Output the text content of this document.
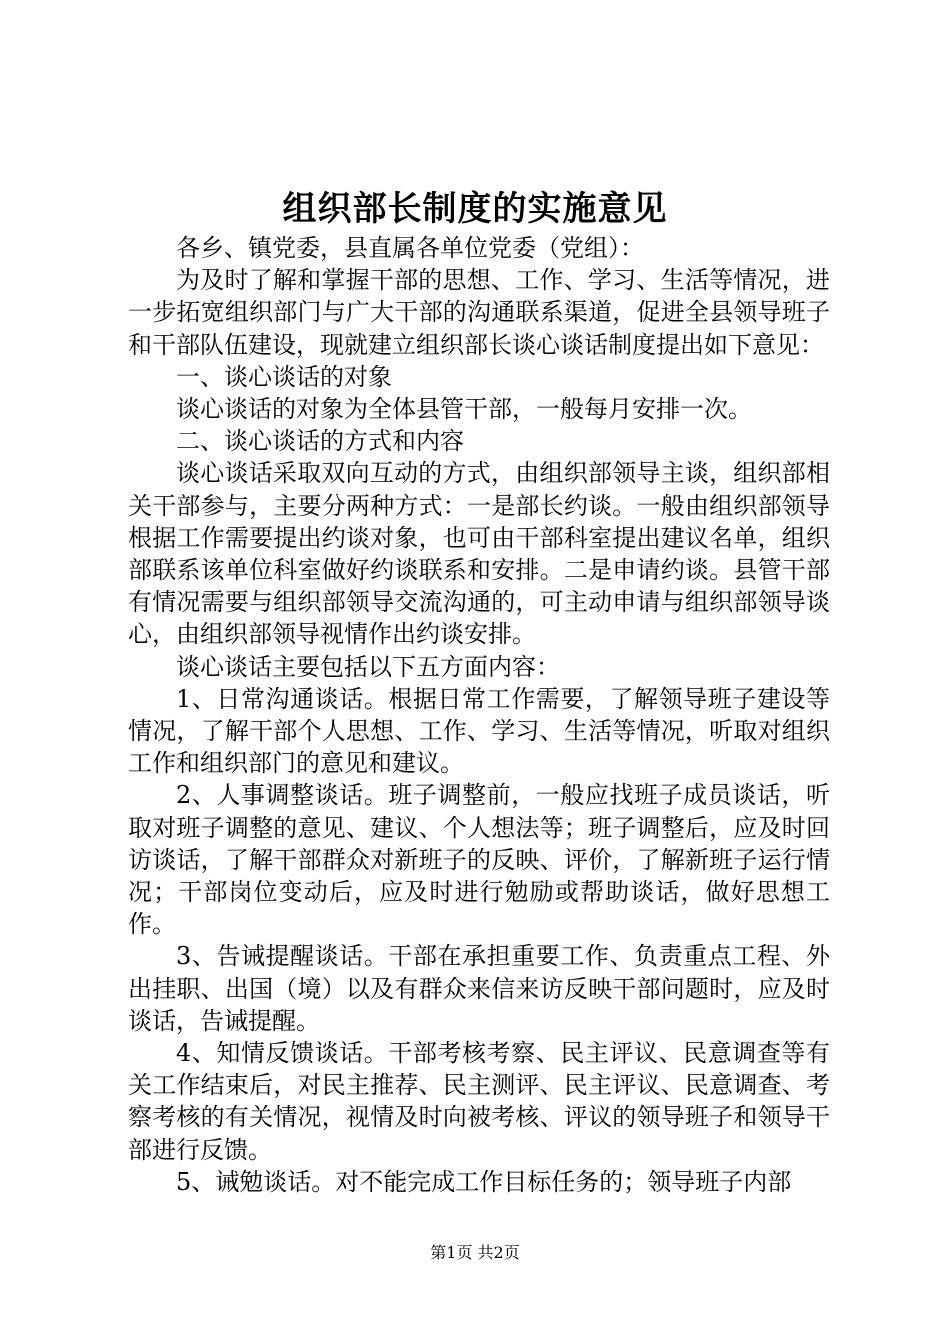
组织部长制度的实施意见

各乡、镇党委，县直属各单位党委（党组）：

为及时了解和掌握干部的思想、工作、学习、生活等情况，进一步拓宽组织部门与广大干部的沟通联系渠道，促进全县领导班子和干部队伍建设，现就建立组织部长谈心谈话制度提出如下意见：

一、谈心谈话的对象

谈心谈话的对象为全体县管干部，一般每月安排一次。

二、谈心谈话的方式和内容

谈心谈话采取双向互动的方式，由组织部领导主谈，组织部相关干部参与，主要分两种方式：一是部长约谈。一般由组织部领导根据工作需要提出约谈对象，也可由干部科室提出建议名单，组织部联系该单位科室做好约谈联系和安排。二是申请约谈。县管干部有情况需要与组织部领导交流沟通的，可主动申请与组织部领导谈心，由组织部领导视情作出约谈安排。

谈心谈话主要包括以下五方面内容：

1、日常沟通谈话。根据日常工作需要，了解领导班子建设等情况，了解干部个人思想、工作、学习、生活等情况，听取对组织工作和组织部门的意见和建议。

2、人事调整谈话。班子调整前，一般应找班子成员谈话，听取对班子调整的意见、建议、个人想法等；班子调整后，应及时回访谈话，了解干部群众对新班子的反映、评价，了解新班子运行情况；干部岗位变动后，应及时进行勉励或帮助谈话，做好思想工作。

3、告诫提醒谈话。干部在承担重要工作、负责重点工程、外出挂职、出国（境）以及有群众来信来访反映干部问题时，应及时谈话，告诫提醒。

4、知情反馈谈话。干部考核考察、民主评议、民意调查等有关工作结束后，对民主推荐、民主测评、民主评议、民意调查、考察考核的有关情况，视情及时向被考核、评议的领导班子和领导干部进行反馈。

5、诫勉谈话。对不能完成工作目标任务的；领导班子内部

第1页 共2页
